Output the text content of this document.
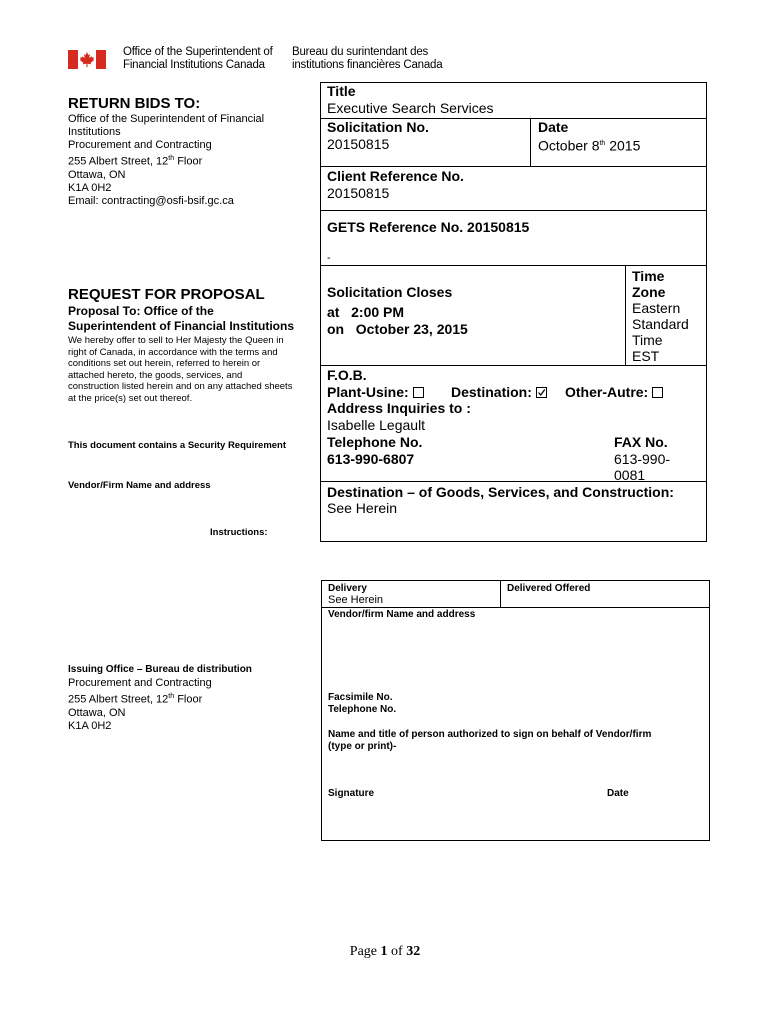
Office of the Superintendent of
Financial Institutions Canada
Bureau du surintendant des
institutions financières Canada
RETURN BIDS TO:
Office of the Superintendent of Financial
Institutions
Procurement and Contracting
255 Albert Street, 12th Floor
Ottawa, ON
K1A 0H2
Email: contracting@osfi-bsif.gc.ca
REQUEST FOR PROPOSAL
Proposal To: Office of the
Superintendent of Financial Institutions
We hereby offer to sell to Her Majesty the Queen in
right of Canada, in accordance with the terms and
conditions set out herein, referred to herein or
attached hereto, the goods, services, and
construction listed herein and on any attached sheets
at the price(s) set out thereof.
This document contains a Security Requirement
Vendor/Firm Name and address
Instructions:
Issuing Office – Bureau de distribution
Procurement and Contracting
255 Albert Street, 12th Floor
Ottawa, ON
K1A 0H2
Title
Executive Search Services
Solicitation No.
20150815
Date
October 8th 2015
Client Reference No.
20150815
GETS Reference No. 20150815
-
Solicitation Closes
at   2:00 PM
on   October 23, 2015
Time
Zone
Eastern
Standard
Time
EST
F.O.B.
Plant-Usine:	Destination:	Other-Autre:
Address Inquiries to :
Isabelle Legault
Telephone No.
613-990-6807
FAX No.
613-990-
0081
Destination – of Goods, Services, and Construction:
See Herein
Delivery
See Herein
Delivered Offered
Vendor/firm Name and address
Facsimile No.
Telephone No.
Name and title of person authorized to sign on behalf of Vendor/firm
(type or print)-
Signature	Date
Page 1 of 32
